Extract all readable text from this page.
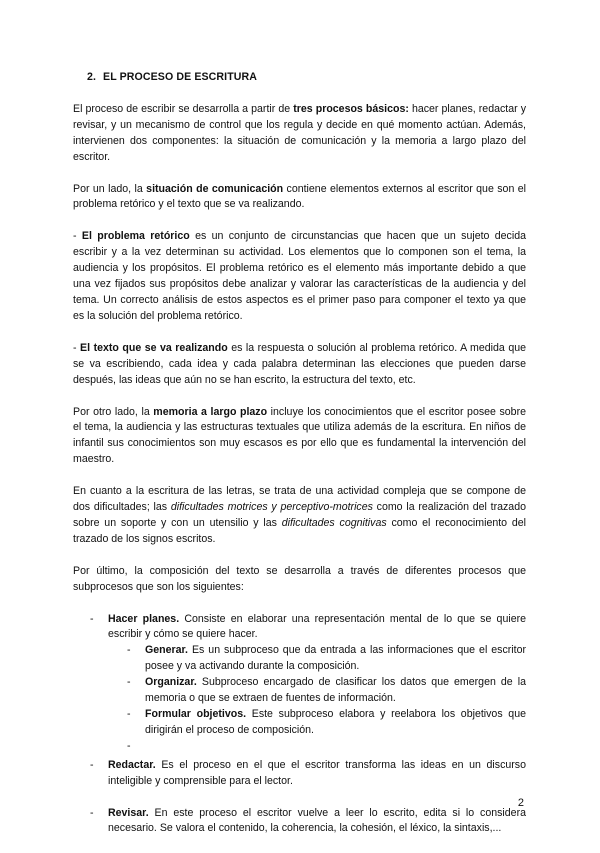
2. EL PROCESO DE ESCRITURA

El proceso de escribir se desarrolla a partir de tres procesos básicos: hacer planes, redactar y revisar, y un mecanismo de control que los regula y decide en qué momento actúan. Además, intervienen dos componentes: la situación de comunicación y la memoria a largo plazo del escritor.

Por un lado, la situación de comunicación contiene elementos externos al escritor que son el problema retórico y el texto que se va realizando.

- El problema retórico es un conjunto de circunstancias que hacen que un sujeto decida escribir y a la vez determinan su actividad. Los elementos que lo componen son el tema, la audiencia y los propósitos. El problema retórico es el elemento más importante debido a que una vez fijados sus propósitos debe analizar y valorar las características de la audiencia y del tema. Un correcto análisis de estos aspectos es el primer paso para componer el texto ya que es la solución del problema retórico.

- El texto que se va realizando es la respuesta o solución al problema retórico. A medida que se va escribiendo, cada idea y cada palabra determinan las elecciones que pueden darse después, las ideas que aún no se han escrito, la estructura del texto, etc.

Por otro lado, la memoria a largo plazo incluye los conocimientos que el escritor posee sobre el tema, la audiencia y las estructuras textuales que utiliza además de la escritura. En niños de infantil sus conocimientos son muy escasos es por ello que es fundamental la intervención del maestro.

En cuanto a la escritura de las letras, se trata de una actividad compleja que se compone de dos dificultades; las dificultades motrices y perceptivo-motrices como la realización del trazado sobre un soporte y con un utensilio y las dificultades cognitivas como el reconocimiento del trazado de los signos escritos.

Por último, la composición del texto se desarrolla a través de diferentes procesos que subprocesos que son los siguientes:

- Hacer planes. Consiste en elaborar una representación mental de lo que se quiere escribir y cómo se quiere hacer.
- Generar. Es un subproceso que da entrada a las informaciones que el escritor posee y va activando durante la composición.
- Organizar. Subproceso encargado de clasificar los datos que emergen de la memoria o que se extraen de fuentes de información.
- Formular objetivos. Este subproceso elabora y reelabora los objetivos que dirigirán el proceso de composición.
-
- Redactar. Es el proceso en el que el escritor transforma las ideas en un discurso inteligible y comprensible para el lector.
- Revisar. En este proceso el escritor vuelve a leer lo escrito, edita si lo considera necesario. Se valora el contenido, la coherencia, la cohesión, el léxico, la sintaxis,...
2
